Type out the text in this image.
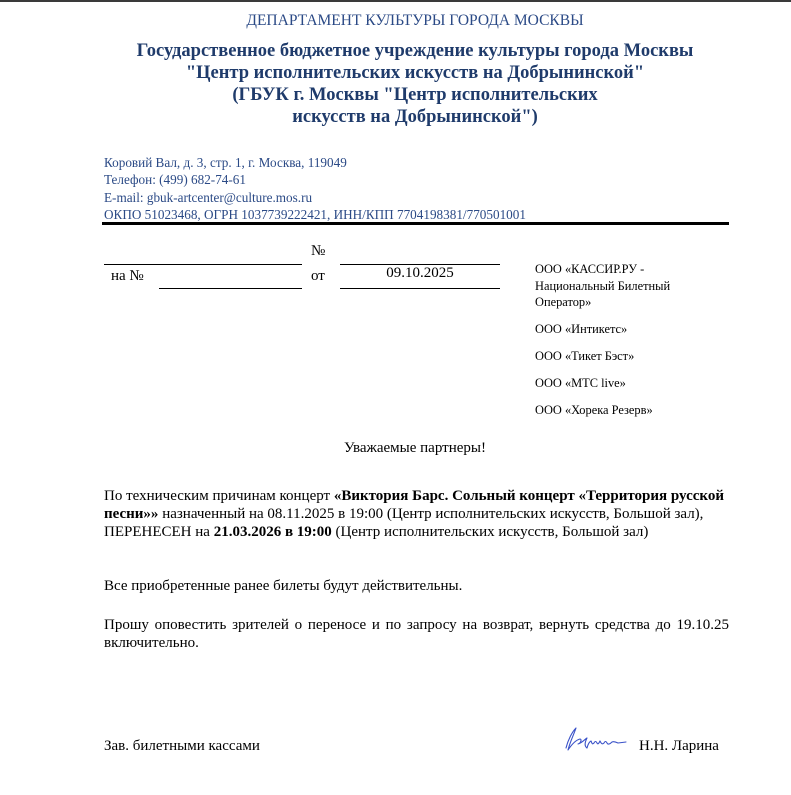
ДЕПАРТАМЕНТ КУЛЬТУРЫ ГОРОДА МОСКВЫ
Государственное бюджетное учреждение культуры города Москвы
"Центр исполнительских искусств на Добрынинской"
(ГБУК г. Москвы "Центр исполнительских
искусств на Добрынинской")
Коровий Вал, д. 3, стр. 1, г. Москва, 119049
Телефон: (499) 682-74-61
E-mail: gbuk-artcenter@culture.mos.ru
ОКПО 51023468, ОГРН 1037739222421, ИНН/КПП 7704198381/770501001
№
на №	от	09.10.2025	ООО «КАССИР.РУ - Национальный Билетный Оператор»
ООО «Интикетс»
ООО «Тикет Бэст»
ООО «МТС live»
ООО «Хорека Резерв»
Уважаемые партнеры!
По техническим причинам концерт «Виктория Барс. Сольный концерт «Территория русской песни»» назначенный на 08.11.2025 в 19:00 (Центр исполнительских искусств, Большой зал), ПЕРЕНЕСЕН на 21.03.2026 в 19:00 (Центр исполнительских искусств, Большой зал)
Все приобретенные ранее билеты будут действительны.
Прошу оповестить зрителей о переносе и по запросу на возврат, вернуть средства до 19.10.25 включительно.
Зав. билетными кассами	Н.Н. Ларина
